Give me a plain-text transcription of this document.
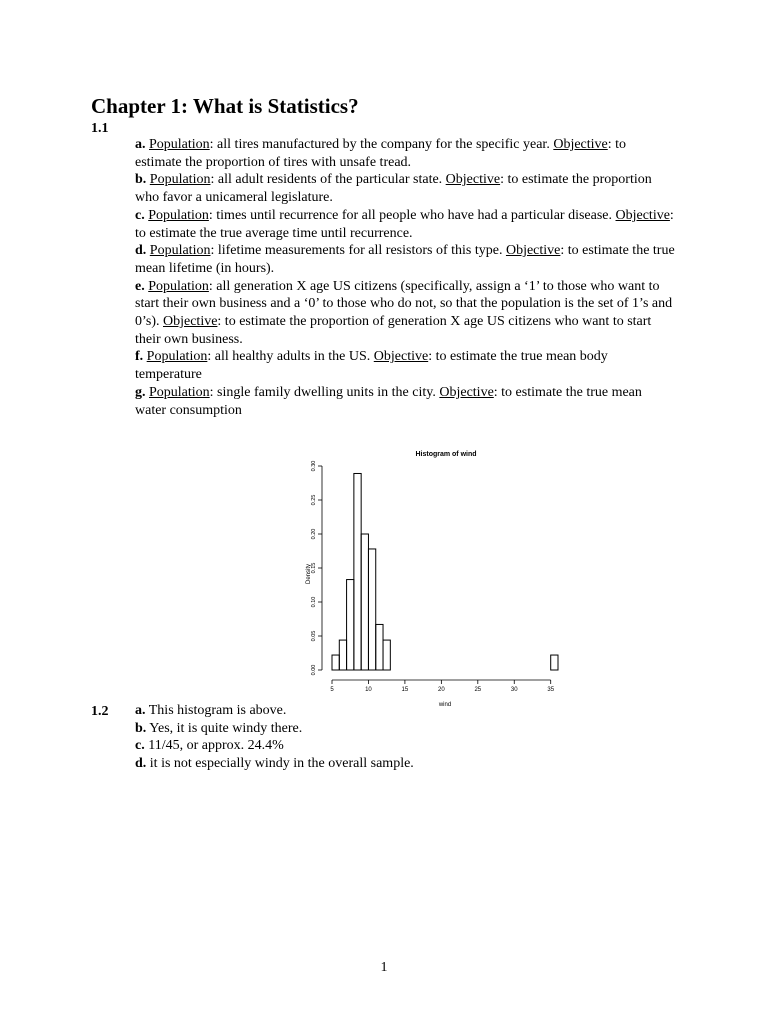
Chapter 1: What is Statistics?
1.1

a. Population: all tires manufactured by the company for the specific year. Objective: to estimate the proportion of tires with unsafe tread.

b. Population: all adult residents of the particular state. Objective: to estimate the proportion who favor a unicameral legislature.

c. Population: times until recurrence for all people who have had a particular disease. Objective: to estimate the true average time until recurrence.

d. Population: lifetime measurements for all resistors of this type. Objective: to estimate the true mean lifetime (in hours).

e. Population: all generation X age US citizens (specifically, assign a ‘1’ to those who want to start their own business and a ‘0’ to those who do not, so that the population is the set of 1’s and 0’s). Objective: to estimate the proportion of generation X age US citizens who want to start their own business.

f. Population: all healthy adults in the US. Objective: to estimate the true mean body temperature

g. Population: single family dwelling units in the city. Objective: to estimate the true mean water consumption

Histogram of wind
5	10	15	20	25	30	35
0.00
0.05
0.10
0.15
0.20
0.25
0.30
wind
Density
1.2 a. This histogram is above.

b. Yes, it is quite windy there.

c. 11/45, or approx. 24.4%

d. it is not especially windy in the overall sample.

1
